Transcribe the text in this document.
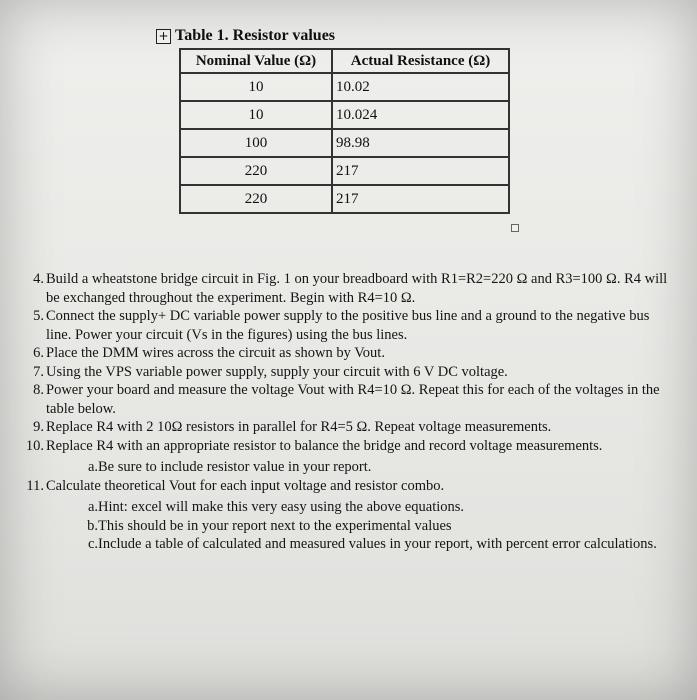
+ Table 1. Resistor values
Nominal Value (Ω)	Actual Resistance (Ω)
10	10.02
10	10.024
100	98.98
220	217
220	217
4. Build a wheatstone bridge circuit in Fig. 1 on your breadboard with R1=R2=220 Ω and R3=100 Ω. R4 will be exchanged throughout the experiment. Begin with R4=10 Ω.
5. Connect the supply+ DC variable power supply to the positive bus line and a ground to the negative bus line. Power your circuit (Vs in the figures) using the bus lines.
6. Place the DMM wires across the circuit as shown by Vout.
7. Using the VPS variable power supply, supply your circuit with 6 V DC voltage.
8. Power your board and measure the voltage Vout with R4=10 Ω. Repeat this for each of the voltages in the table below.
9. Replace R4 with 2 10Ω resistors in parallel for R4=5 Ω. Repeat voltage measurements.
10. Replace R4 with an appropriate resistor to balance the bridge and record voltage measurements.
a. Be sure to include resistor value in your report.
11. Calculate theoretical Vout for each input voltage and resistor combo.
a. Hint: excel will make this very easy using the above equations.
b. This should be in your report next to the experimental values
c. Include a table of calculated and measured values in your report, with percent error calculations.
